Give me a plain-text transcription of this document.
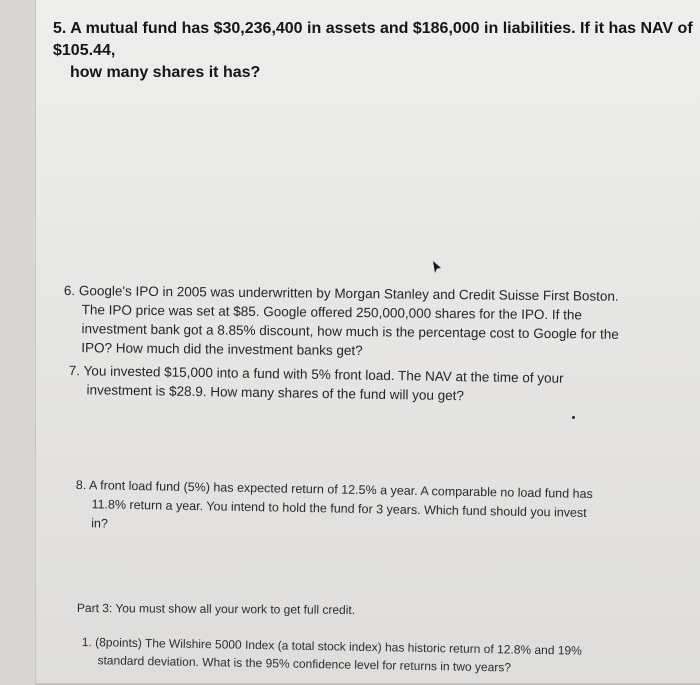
5. A mutual fund has $30,236,400 in assets and $186,000 in liabilities. If it has NAV of $105.44,
how many shares it has?
6. Google's IPO in 2005 was underwritten by Morgan Stanley and Credit Suisse First Boston.
The IPO price was set at $85. Google offered 250,000,000 shares for the IPO. If the
investment bank got a 8.85% discount, how much is the percentage cost to Google for the
IPO? How much did the investment banks get?
7. You invested $15,000 into a fund with 5% front load. The NAV at the time of your
investment is $28.9. How many shares of the fund will you get?
8. A front load fund (5%) has expected return of 12.5% a year. A comparable no load fund has
11.8% return a year. You intend to hold the fund for 3 years. Which fund should you invest
in?
Part 3: You must show all your work to get full credit.
1. (8points) The Wilshire 5000 Index (a total stock index) has historic return of 12.8% and 19%
standard deviation. What is the 95% confidence level for returns in two years?
